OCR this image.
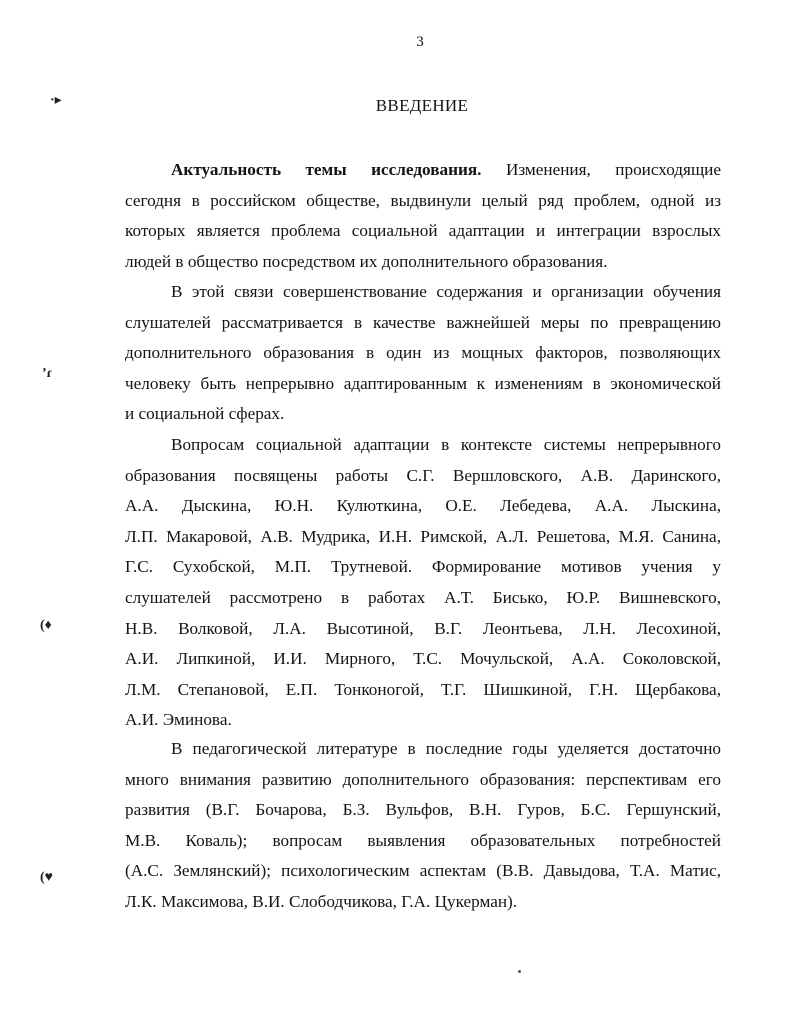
3
ВВЕДЕНИЕ
·▸
ʼɾ
(♦
(♥
Актуальность темы исследования. Изменения, происходящие
сегодня в российском обществе, выдвинули целый ряд проблем, одной из
которых является проблема социальной адаптации и интеграции взрослых
людей в общество посредством их дополнительного образования.
В этой связи совершенствование содержания и организации обучения
слушателей рассматривается в качестве важнейшей меры по превращению
дополнительного образования в один из мощных факторов, позволяющих
человеку быть непрерывно адаптированным к изменениям в экономической
и социальной сферах.
Вопросам социальной адаптации в контексте системы непрерывного
образования посвящены работы С.Г. Вершловского, А.В. Даринского,
А.А. Дыскина, Ю.Н. Кулюткина, О.Е. Лебедева, А.А. Лыскина,
Л.П. Макаровой, А.В. Мудрика, И.Н. Римской, А.Л. Решетова, М.Я. Санина,
Г.С. Сухобской, М.П. Трутневой. Формирование мотивов учения у
слушателей рассмотрено в работах А.Т. Бисько, Ю.Р. Вишневского,
Н.В. Волковой, Л.А. Высотиной, В.Г. Леонтьева, Л.Н. Лесохиной,
А.И. Липкиной, И.И. Мирного, Т.С. Мочульской, А.А. Соколовской,
Л.М. Степановой, Е.П. Тонконогой, Т.Г. Шишкиной, Г.Н. Щербакова,
А.И. Эминова.
В педагогической литературе в последние годы уделяется достаточно
много внимания развитию дополнительного образования: перспективам его
развития (В.Г. Бочарова, Б.З. Вульфов, В.Н. Гуров, Б.С. Гершунский,
М.В. Коваль); вопросам выявления образовательных потребностей
(А.С. Землянский); психологическим аспектам (В.В. Давыдова, Т.А. Матис,
Л.К. Максимова, В.И. Слободчикова, Г.А. Цукерман).
